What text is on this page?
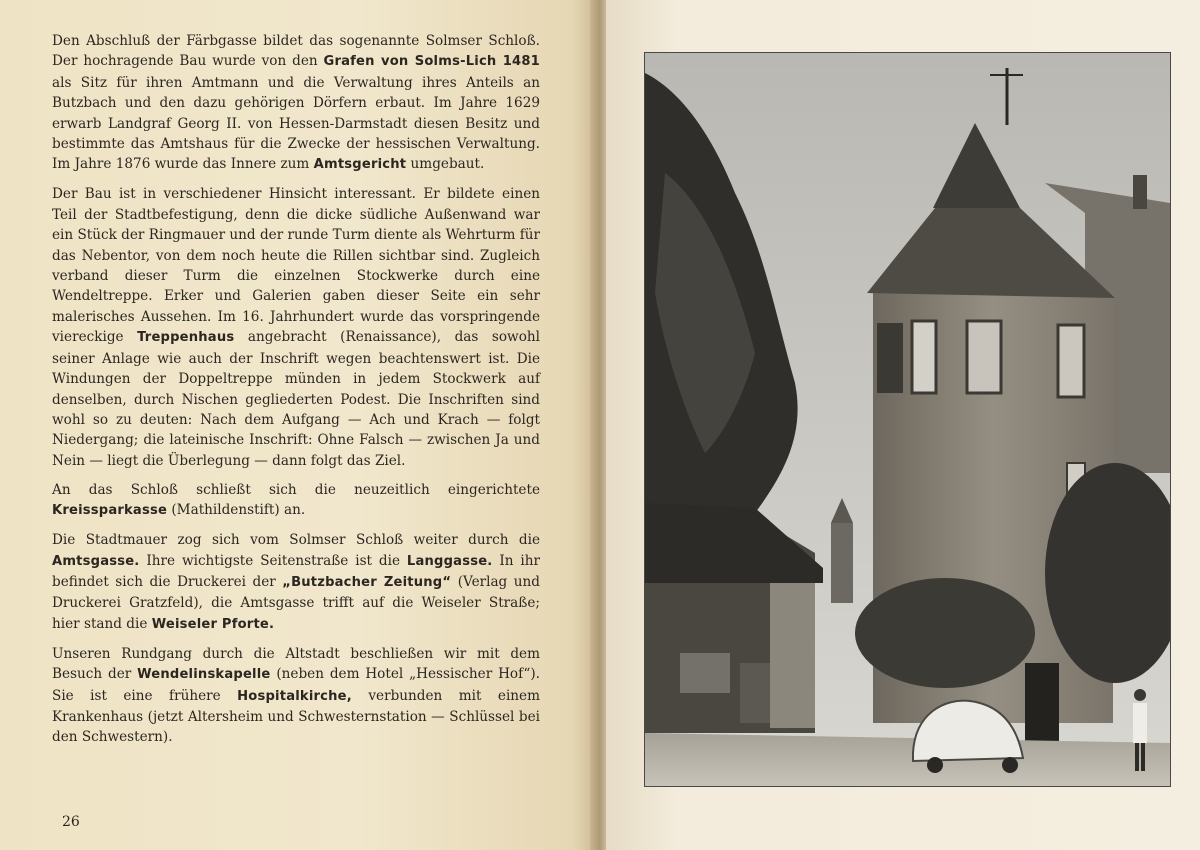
Den Abschluß der Färbgasse bildet das sogenannte Solmser Schloß. Der hochragende Bau wurde von den Grafen von Solms-Lich 1481 als Sitz für ihren Amtmann und die Verwaltung ihres Anteils an Butzbach und den dazu gehörigen Dörfern erbaut. Im Jahre 1629 erwarb Landgraf Georg II. von Hessen-Darmstadt diesen Besitz und bestimmte das Amtshaus für die Zwecke der hessischen Verwaltung. Im Jahre 1876 wurde das Innere zum Amtsgericht umgebaut.

Der Bau ist in verschiedener Hinsicht interessant. Er bildete einen Teil der Stadtbefestigung, denn die dicke südliche Außenwand war ein Stück der Ringmauer und der runde Turm diente als Wehrturm für das Nebentor, von dem noch heute die Rillen sichtbar sind. Zugleich verband dieser Turm die einzelnen Stockwerke durch eine Wendeltreppe. Erker und Galerien gaben dieser Seite ein sehr malerisches Aussehen. Im 16. Jahrhundert wurde das vorspringende viereckige Treppenhaus angebracht (Renaissance), das sowohl seiner Anlage wie auch der Inschrift wegen beachtenswert ist. Die Windungen der Doppeltreppe münden in jedem Stockwerk auf denselben, durch Nischen gegliederten Podest. Die Inschriften sind wohl so zu deuten: Nach dem Aufgang — Ach und Krach — folgt Niedergang; die lateinische Inschrift: Ohne Falsch — zwischen Ja und Nein — liegt die Überlegung — dann folgt das Ziel.

An das Schloß schließt sich die neuzeitlich eingerichtete Kreissparkasse (Mathildenstift) an.

Die Stadtmauer zog sich vom Solmser Schloß weiter durch die Amtsgasse. Ihre wichtigste Seitenstraße ist die Langgasse. In ihr befindet sich die Druckerei der „Butzbacher Zeitung“ (Verlag und Druckerei Gratzfeld), die Amtsgasse trifft auf die Weiseler Straße; hier stand die Weiseler Pforte.

Unseren Rundgang durch die Altstadt beschließen wir mit dem Besuch der Wendelinskapelle (neben dem Hotel „Hessischer Hof“). Sie ist eine frühere Hospitalkirche, verbunden mit einem Krankenhaus (jetzt Altersheim und Schwesternstation — Schlüssel bei den Schwestern).

26
